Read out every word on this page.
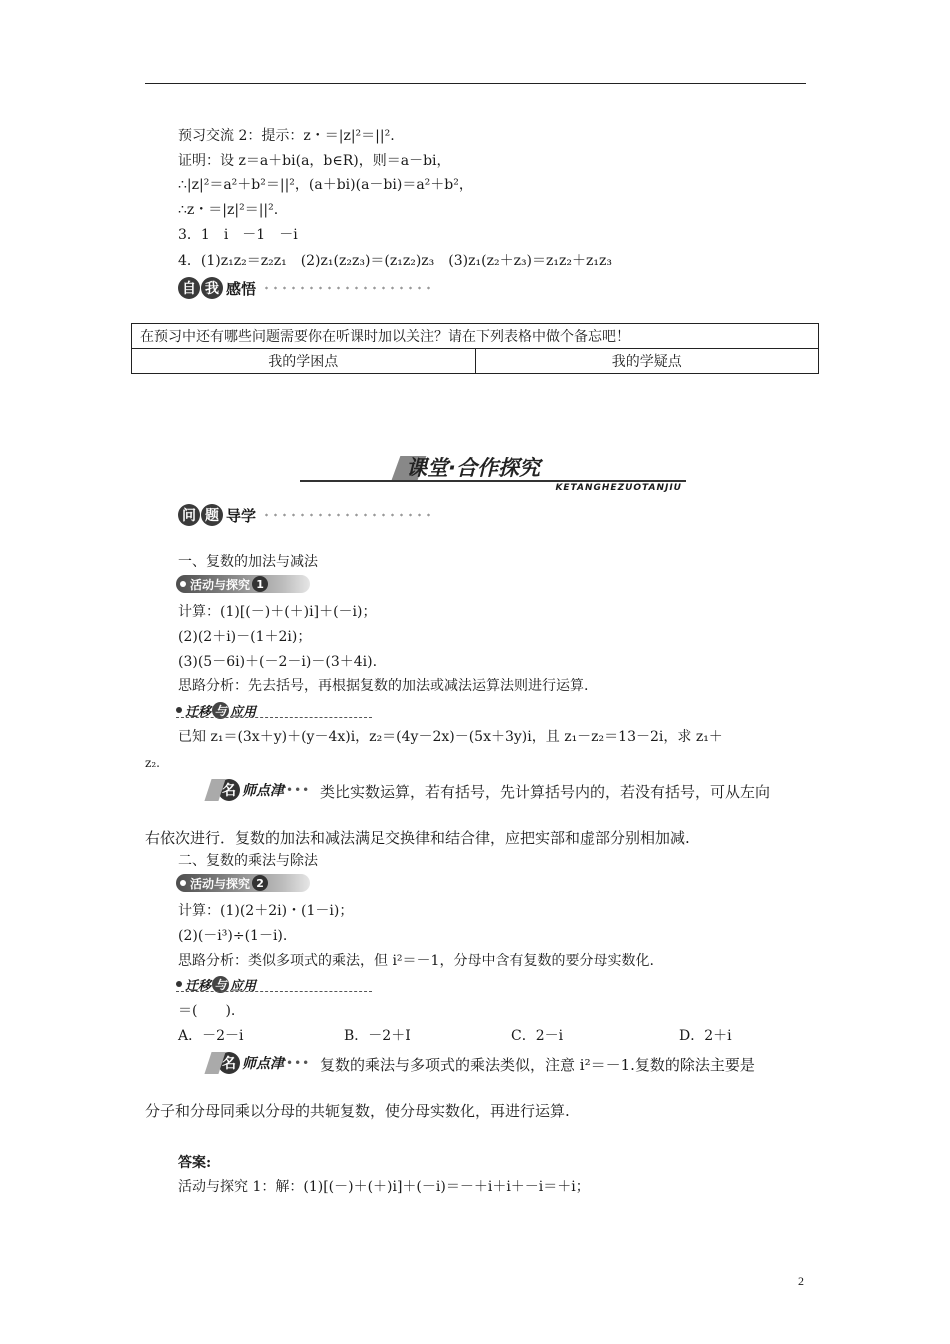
预习交流 2：提示：z・＝|z|²＝||².
证明：设 z＝a＋bi(a，b∈R)，则＝a－bi，
∴|z|²＝a²＋b²＝||²，(a＋bi)(a－bi)＝a²＋b²，
∴z・＝|z|²＝||².
3．1　i　－1　－i
4．(1)z₁z₂＝z₂z₁　(2)z₁(z₂z₃)＝(z₁z₂)z₃　(3)z₁(z₂＋z₃)＝z₁z₂＋z₁z₃
自 我 感悟
在预习中还有哪些问题需要你在听课时加以关注？请在下列表格中做个备忘吧！
我的学困点	我的学疑点
课堂·合作探究
KETANGHEZUOTANJIU
问 题 导学
一、复数的加法与减法
活动与探究 1
计算：(1)[(－)＋(＋)i]＋(－i)；
(2)(2＋i)－(1＋2i)；
(3)(5－6i)＋(－2－i)－(3＋4i).
思路分析：先去括号，再根据复数的加法或减法运算法则进行运算.
迁移 与 应用
已知 z₁＝(3x＋y)＋(y－4x)i，z₂＝(4y－2x)－(5x＋3y)i，且 z₁－z₂＝13－2i，求 z₁＋
z₂.
名 师点津 ••• 类比实数运算，若有括号，先计算括号内的，若没有括号，可从左向
右依次进行．复数的加法和减法满足交换律和结合律，应把实部和虚部分别相加减.
二、复数的乘法与除法
活动与探究 2
计算：(1)(2＋2i)・(1－i)；
(2)(－i³)÷(1－i).
思路分析：类似多项式的乘法，但 i²＝－1，分母中含有复数的要分母实数化.
迁移 与 应用
＝(　　).
A．－2－i	B．－2＋I	C．2－i	D．2＋i
名 师点津 ••• 复数的乘法与多项式的乘法类似，注意 i²＝－1.复数的除法主要是
分子和分母同乘以分母的共轭复数，使分母实数化，再进行运算.
答案:
活动与探究 1：解：(1)[(－)＋(＋)i]＋(－i)＝－＋i＋i＋－i＝＋i；
2
